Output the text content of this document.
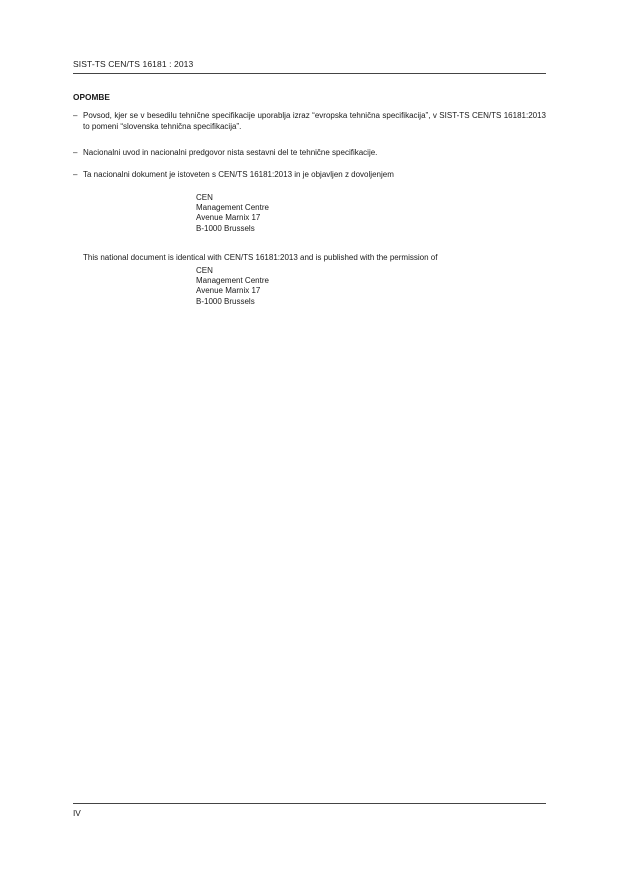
SIST-TS CEN/TS 16181 : 2013
OPOMBE
– Povsod, kjer se v besedilu tehnične specifikacije uporablja izraz “evropska tehnična specifikacija”, v SIST-TS CEN/TS 16181:2013 to pomeni “slovenska tehnična specifikacija”.
– Nacionalni uvod in nacionalni predgovor nista sestavni del te tehnične specifikacije.
– Ta nacionalni dokument je istoveten s CEN/TS 16181:2013 in je objavljen z dovoljenjem
CEN
Management Centre
Avenue Marnix 17
B-1000 Brussels
This national document is identical with CEN/TS 16181:2013 and is published with the permission of
CEN
Management Centre
Avenue Marnix 17
B-1000 Brussels
IV
